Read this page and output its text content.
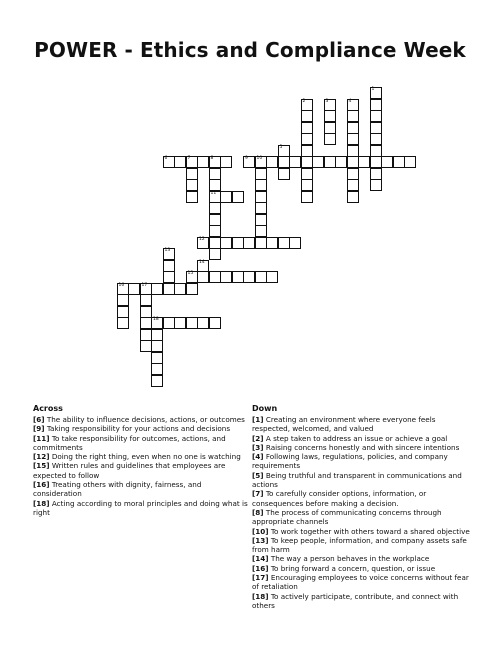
POWER - Ethics and Compliance Week
1
2	3	4
5
6	7	8
11
9 10
12
13
14
15
16	17
18
Across

[6] The ability to influence decisions, actions, or outcomes

[9] Taking responsibility for your actions and decisions

[11] To take responsibility for outcomes, actions, and commitments

[12] Doing the right thing, even when no one is watching

[15] Written rules and guidelines that employees are expected to follow

[16] Treating others with dignity, fairness, and consideration

[18] Acting according to moral principles and doing what is right

Down

[1] Creating an environment where everyone feels respected, welcomed, and valued

[2] A step taken to address an issue or achieve a goal

[3] Raising concerns honestly and with sincere intentions

[4] Following laws, regulations, policies, and company requirements

[5] Being truthful and transparent in communications and actions

[7] To carefully consider options, information, or consequences before making a decision.

[8] The process of communicating concerns through appropriate channels

[10] To work together with others toward a shared objective

[13] To keep people, information, and company assets safe from harm

[14] The way a person behaves in the workplace

[16] To bring forward a concern, question, or issue

[17] Encouraging employees to voice concerns without fear of retaliation

[18] To actively participate, contribute, and connect with others
